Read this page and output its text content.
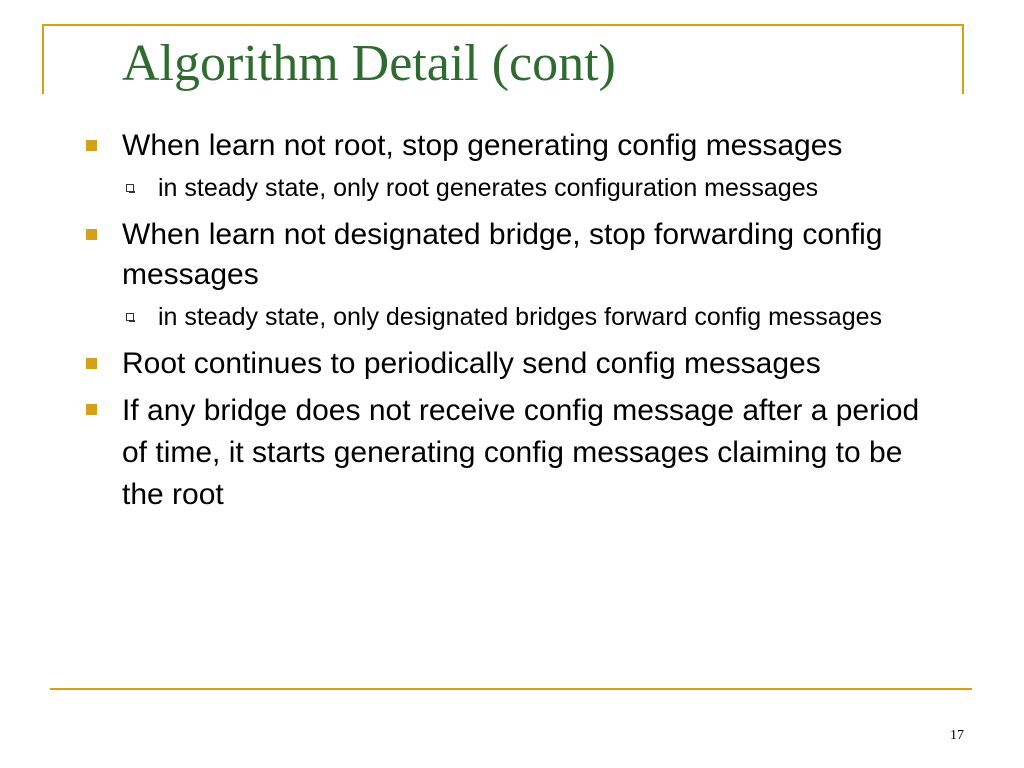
Algorithm Detail (cont)
When learn not root, stop generating config messages
in steady state, only root generates configuration messages
When learn not designated bridge, stop forwarding config messages
in steady state, only designated bridges forward config messages
Root continues to periodically send config messages
If any bridge does not receive config message after a period of time, it starts generating config messages claiming to be the root
17
